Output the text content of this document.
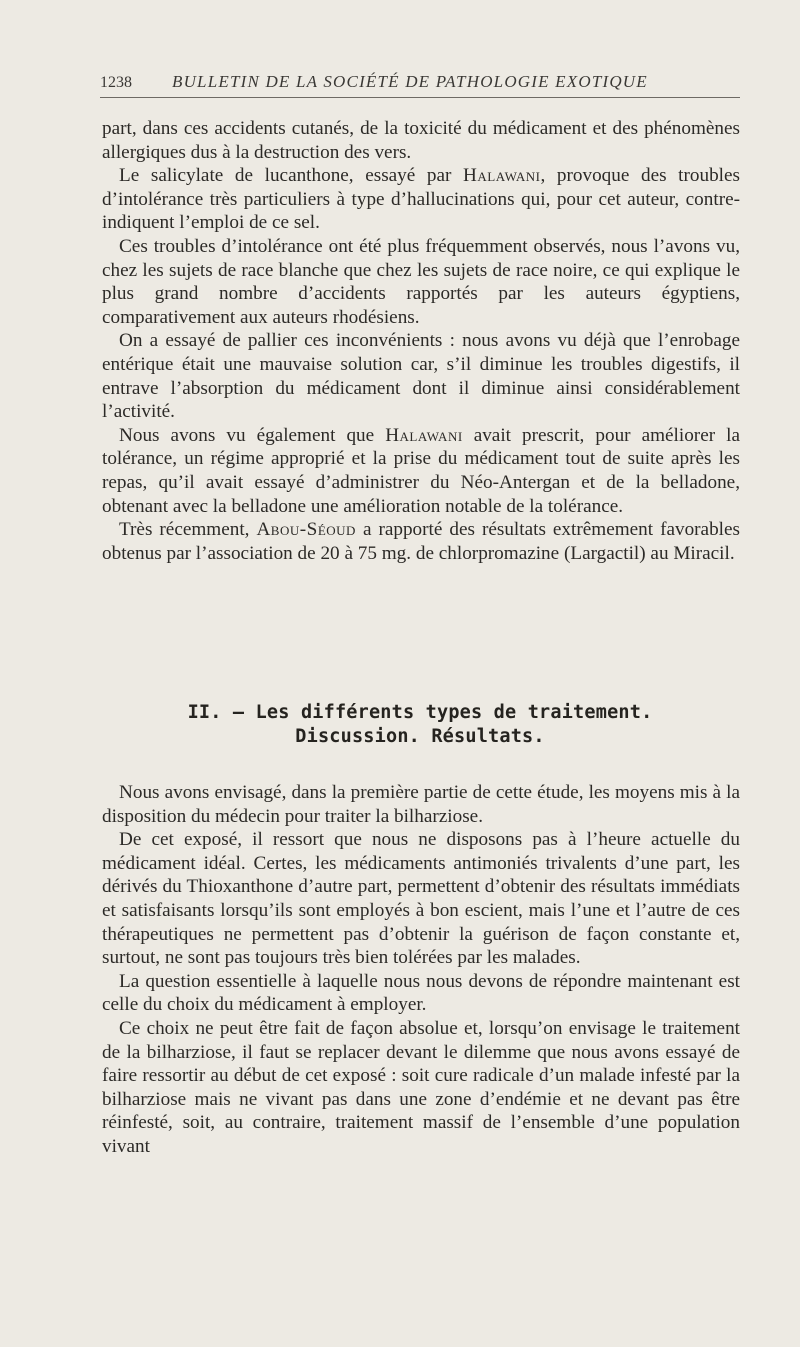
1238 BULLETIN DE LA SOCIÉTÉ DE PATHOLOGIE EXOTIQUE

part, dans ces accidents cutanés, de la toxicité du médicament et des phénomènes allergiques dus à la destruction des vers.

Le salicylate de lucanthone, essayé par Halawani, provoque des troubles d’intolérance très particuliers à type d’hallucinations qui, pour cet auteur, contre-indiquent l’emploi de ce sel.

Ces troubles d’intolérance ont été plus fréquemment observés, nous l’avons vu, chez les sujets de race blanche que chez les sujets de race noire, ce qui explique le plus grand nombre d’accidents rapportés par les auteurs égyptiens, comparativement aux auteurs rhodésiens.

On a essayé de pallier ces inconvénients : nous avons vu déjà que l’enrobage entérique était une mauvaise solution car, s’il diminue les troubles digestifs, il entrave l’absorption du médicament dont il diminue ainsi considérablement l’activité.

Nous avons vu également que Halawani avait prescrit, pour améliorer la tolérance, un régime approprié et la prise du médicament tout de suite après les repas, qu’il avait essayé d’administrer du Néo-Antergan et de la belladone, obtenant avec la belladone une amélioration notable de la tolérance.

Très récemment, Abou-Séoud a rapporté des résultats extrêmement favorables obtenus par l’association de 20 à 75 mg. de chlorpromazine (Largactil) au Miracil.

II. — Les différents types de traitement.
Discussion. Résultats.

Nous avons envisagé, dans la première partie de cette étude, les moyens mis à la disposition du médecin pour traiter la bilharziose.

De cet exposé, il ressort que nous ne disposons pas à l’heure actuelle du médicament idéal. Certes, les médicaments antimoniés trivalents d’une part, les dérivés du Thioxanthone d’autre part, permettent d’obtenir des résultats immédiats et satisfaisants lorsqu’ils sont employés à bon escient, mais l’une et l’autre de ces thérapeutiques ne permettent pas d’obtenir la guérison de façon constante et, surtout, ne sont pas toujours très bien tolérées par les malades.

La question essentielle à laquelle nous nous devons de répondre maintenant est celle du choix du médicament à employer.

Ce choix ne peut être fait de façon absolue et, lorsqu’on envisage le traitement de la bilharziose, il faut se replacer devant le dilemme que nous avons essayé de faire ressortir au début de cet exposé : soit cure radicale d’un malade infesté par la bilharziose mais ne vivant pas dans une zone d’endémie et ne devant pas être réinfesté, soit, au contraire, traitement massif de l’ensemble d’une population vivant
